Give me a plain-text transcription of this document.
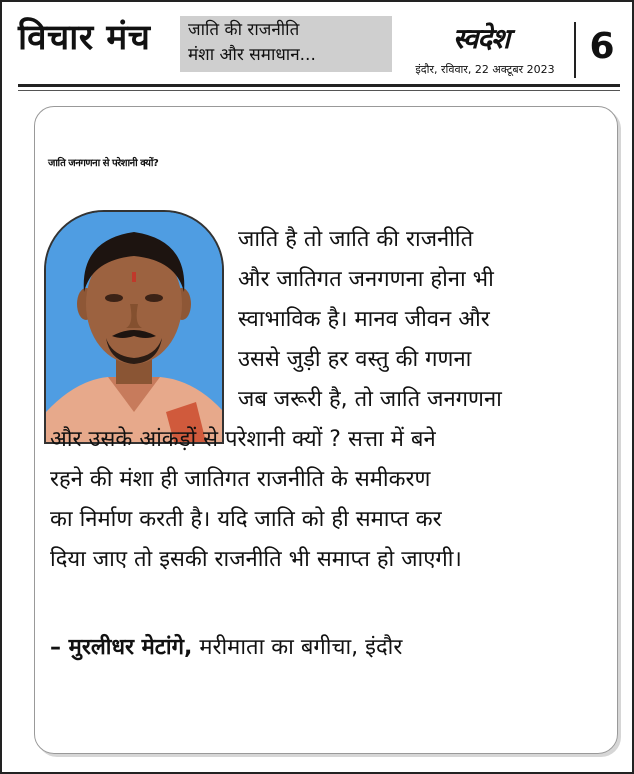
विचार मंच जाति की राजनीति
मंशा और समाधान...	स्वदेश
इंदौर, रविवार, 22 अक्टूबर 2023
6
जाति जनगणना से परेशानी क्यों?
जाति है तो जाति की राजनीति
और जातिगत जनगणना होना भी
स्वाभाविक है। मानव जीवन और
उससे जुड़ी हर वस्तु की गणना
जब जरूरी है, तो जाति जनगणना
और उसके आंकड़ों से परेशानी क्यों ? सत्ता में बने
रहने की मंशा ही जातिगत राजनीति के समीकरण
का निर्माण करती है। यदि जाति को ही समाप्त कर
दिया जाए तो इसकी राजनीति भी समाप्त हो जाएगी।
– मुरलीधर मेटांगे, मरीमाता का बगीचा, इंदौर
